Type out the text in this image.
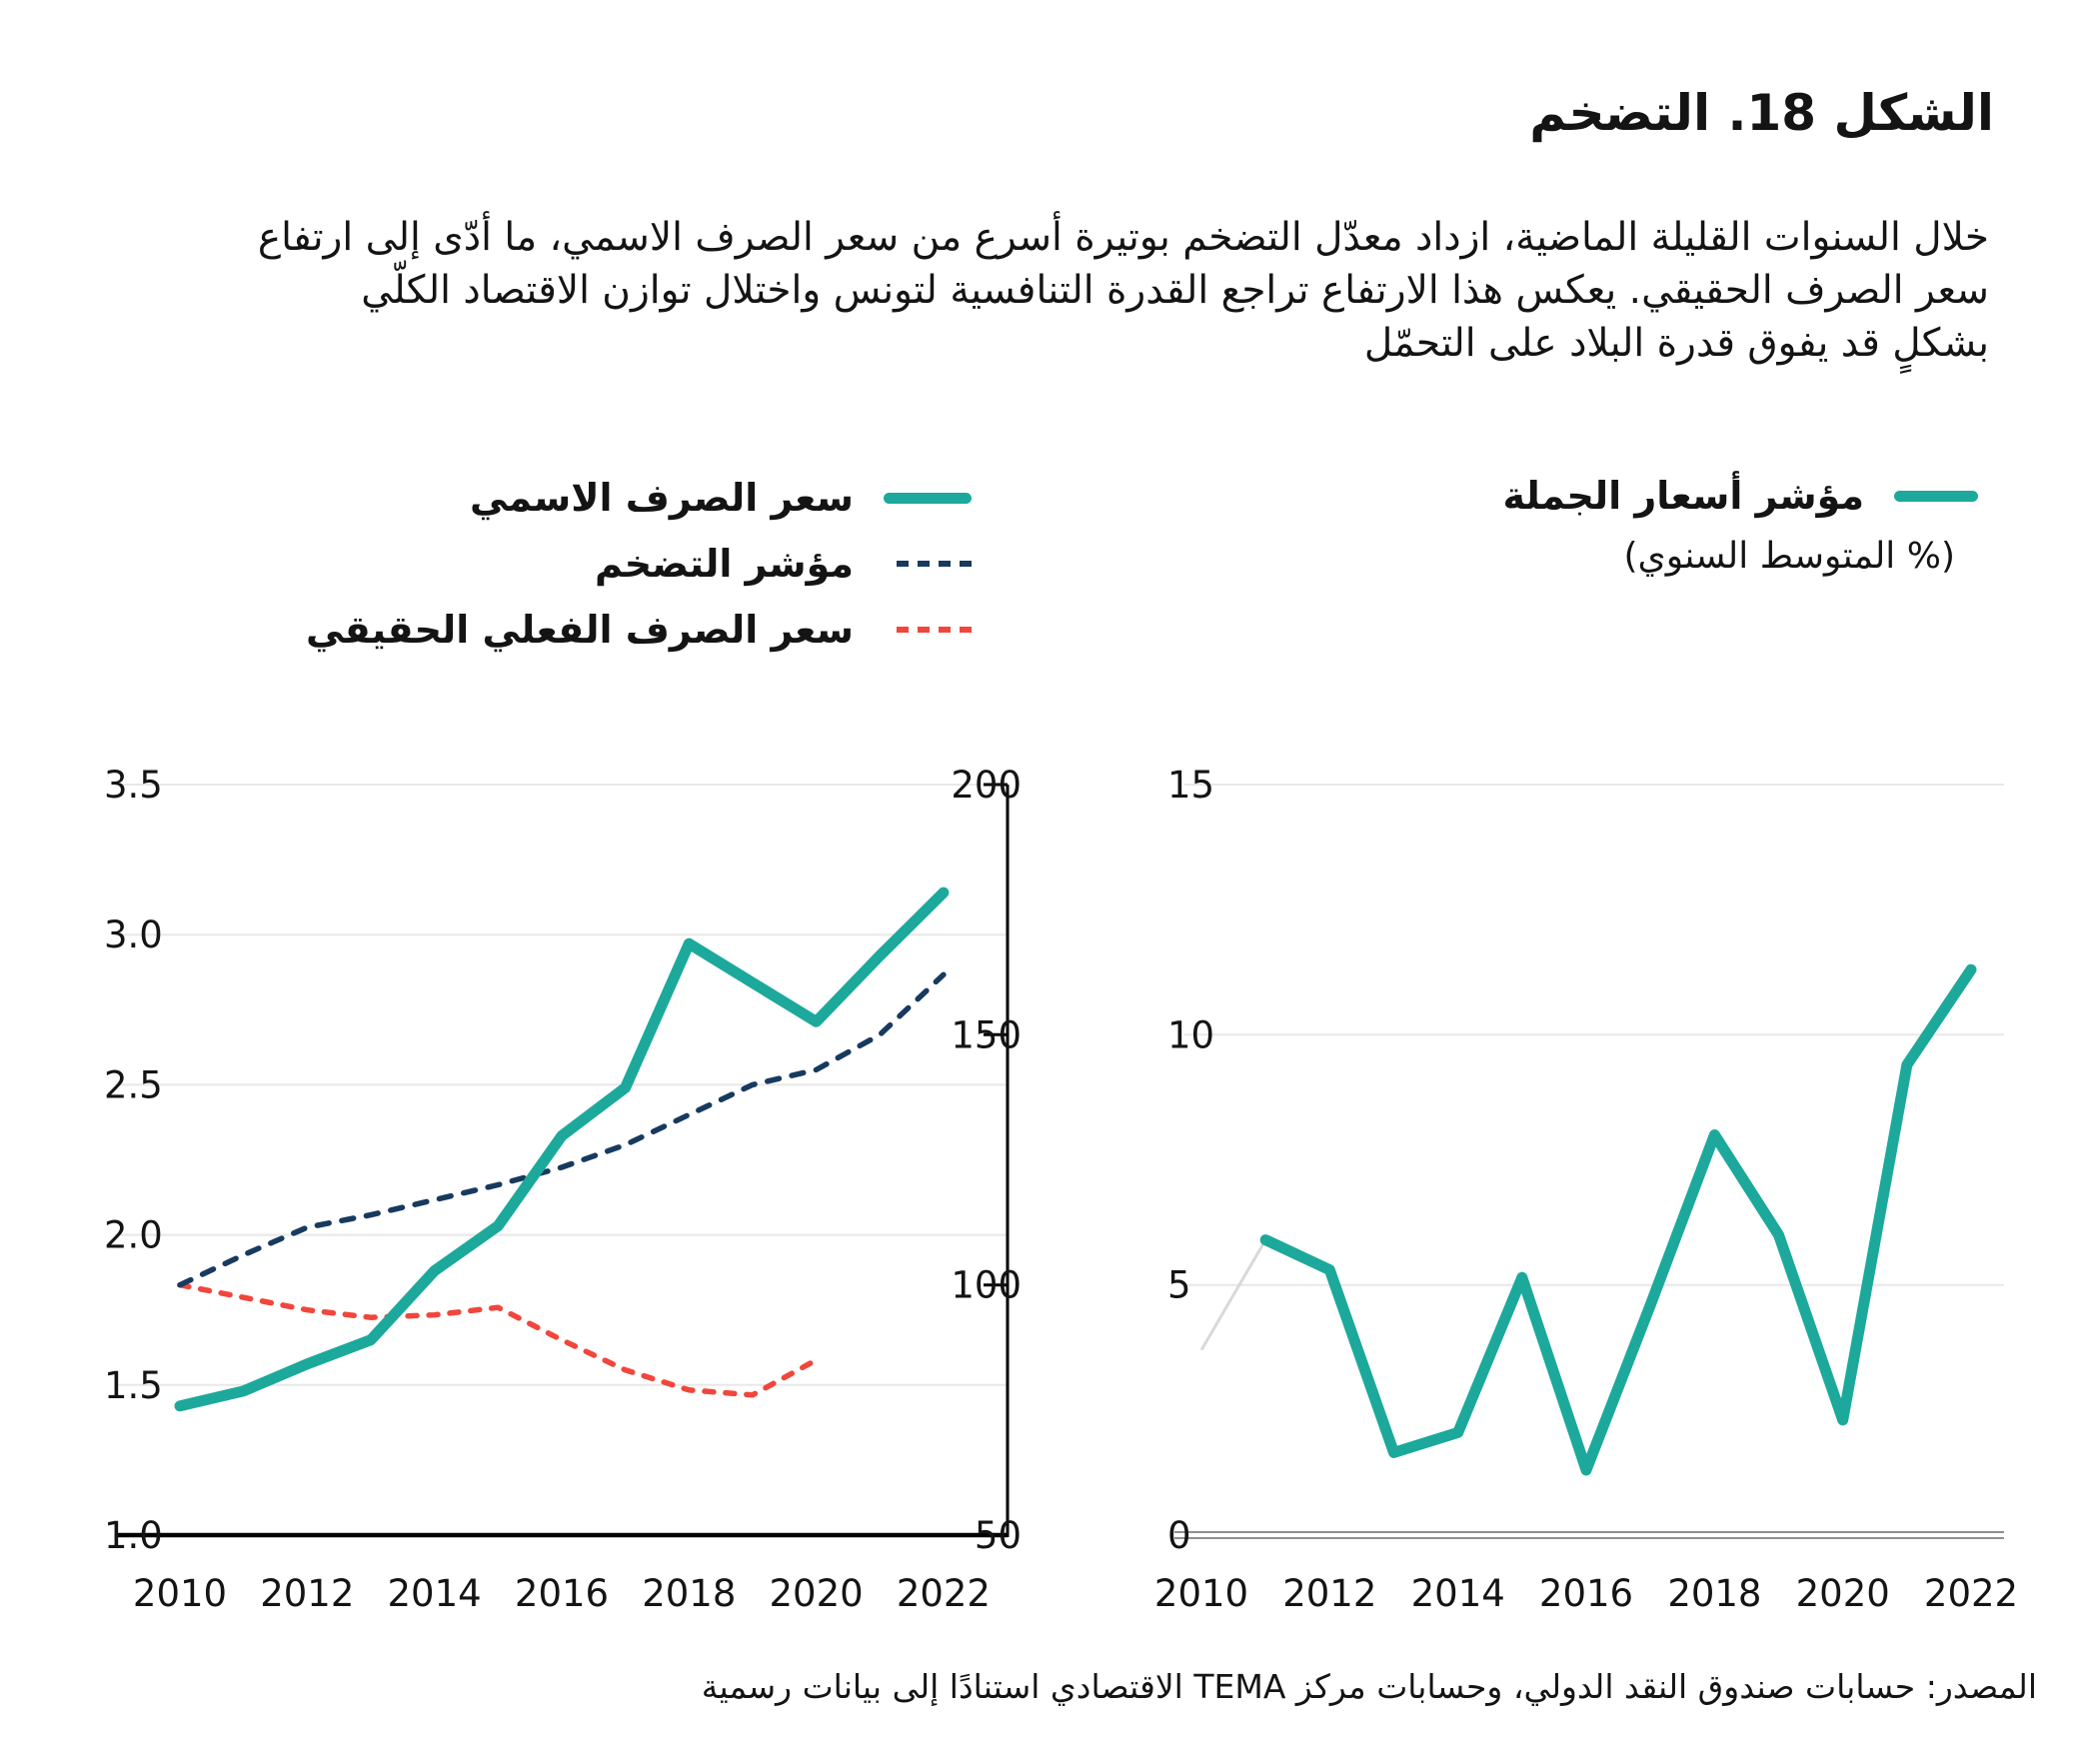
الشكل 18. التضخم
خلال السنوات القليلة الماضية، ازداد معدّل التضخم بوتيرة أسرع من سعر الصرف الاسمي، ما أدّى إلى ارتفاع
سعر الصرف الحقيقي. يعكس هذا الارتفاع تراجع القدرة التنافسية لتونس واختلال توازن الاقتصاد الكلّي
بشكلٍ قد يفوق قدرة البلاد على التحمّل
سعر الصرف الاسمي
مؤشر التضخم
سعر الصرف الفعلي الحقيقي
مؤشر أسعار الجملة
(% المتوسط السنوي)
3.5
3.0
2.5
2.0
1.5
1.0
200
150
100
50
2010 2012 2014 2016 2018 2020 2022
15
10
5
0
2010 2012 2014 2016 2018 2020 2022

المصدر: حسابات صندوق النقد الدولي، وحسابات مركز TEMA الاقتصادي استنادًا إلى بيانات رسمية
